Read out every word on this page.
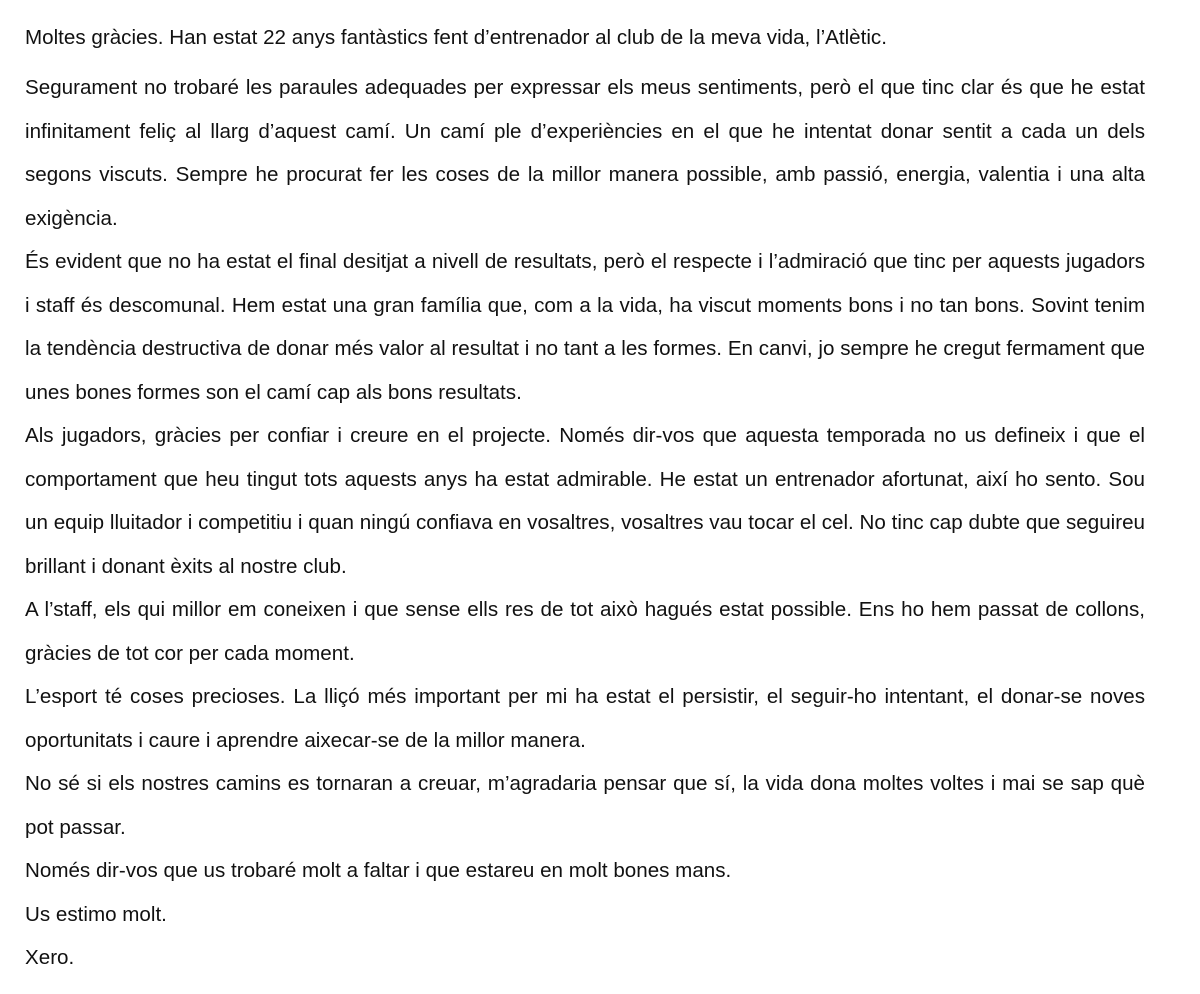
Moltes gràcies. Han estat 22 anys fantàstics fent d’entrenador al club de la meva vida, l’Atlètic.

Segurament no trobaré les paraules adequades per expressar els meus sentiments, però el que tinc clar és que he estat infinitament feliç al llarg d’aquest camí. Un camí ple d’experiències en el que he intentat donar sentit a cada un dels segons viscuts. Sempre he procurat fer les coses de la millor manera possible, amb passió, energia, valentia i una alta exigència.

És evident que no ha estat el final desitjat a nivell de resultats, però el respecte i l’admiració que tinc per aquests jugadors i staff és descomunal. Hem estat una gran família que, com a la vida, ha viscut moments bons i no tan bons. Sovint tenim la tendència destructiva de donar més valor al resultat i no tant a les formes. En canvi, jo sempre he cregut fermament que unes bones formes son el camí cap als bons resultats.

Als jugadors, gràcies per confiar i creure en el projecte. Només dir-vos que aquesta temporada no us defineix i que el comportament que heu tingut tots aquests anys ha estat admirable. He estat un entrenador afortunat, així ho sento. Sou un equip lluitador i competitiu i quan ningú confiava en vosaltres, vosaltres vau tocar el cel. No tinc cap dubte que seguireu brillant i donant èxits al nostre club.

A l’staff, els qui millor em coneixen i que sense ells res de tot això hagués estat possible. Ens ho hem passat de collons, gràcies de tot cor per cada moment.

L’esport té coses precioses. La lliçó més important per mi ha estat el persistir, el seguir-ho intentant, el donar-se noves oportunitats i caure i aprendre aixecar-se de la millor manera.

No sé si els nostres camins es tornaran a creuar, m’agradaria pensar que sí, la vida dona moltes voltes i mai se sap què pot passar.

Només dir-vos que us trobaré molt a faltar i que estareu en molt bones mans.

Us estimo molt.

Xero.
